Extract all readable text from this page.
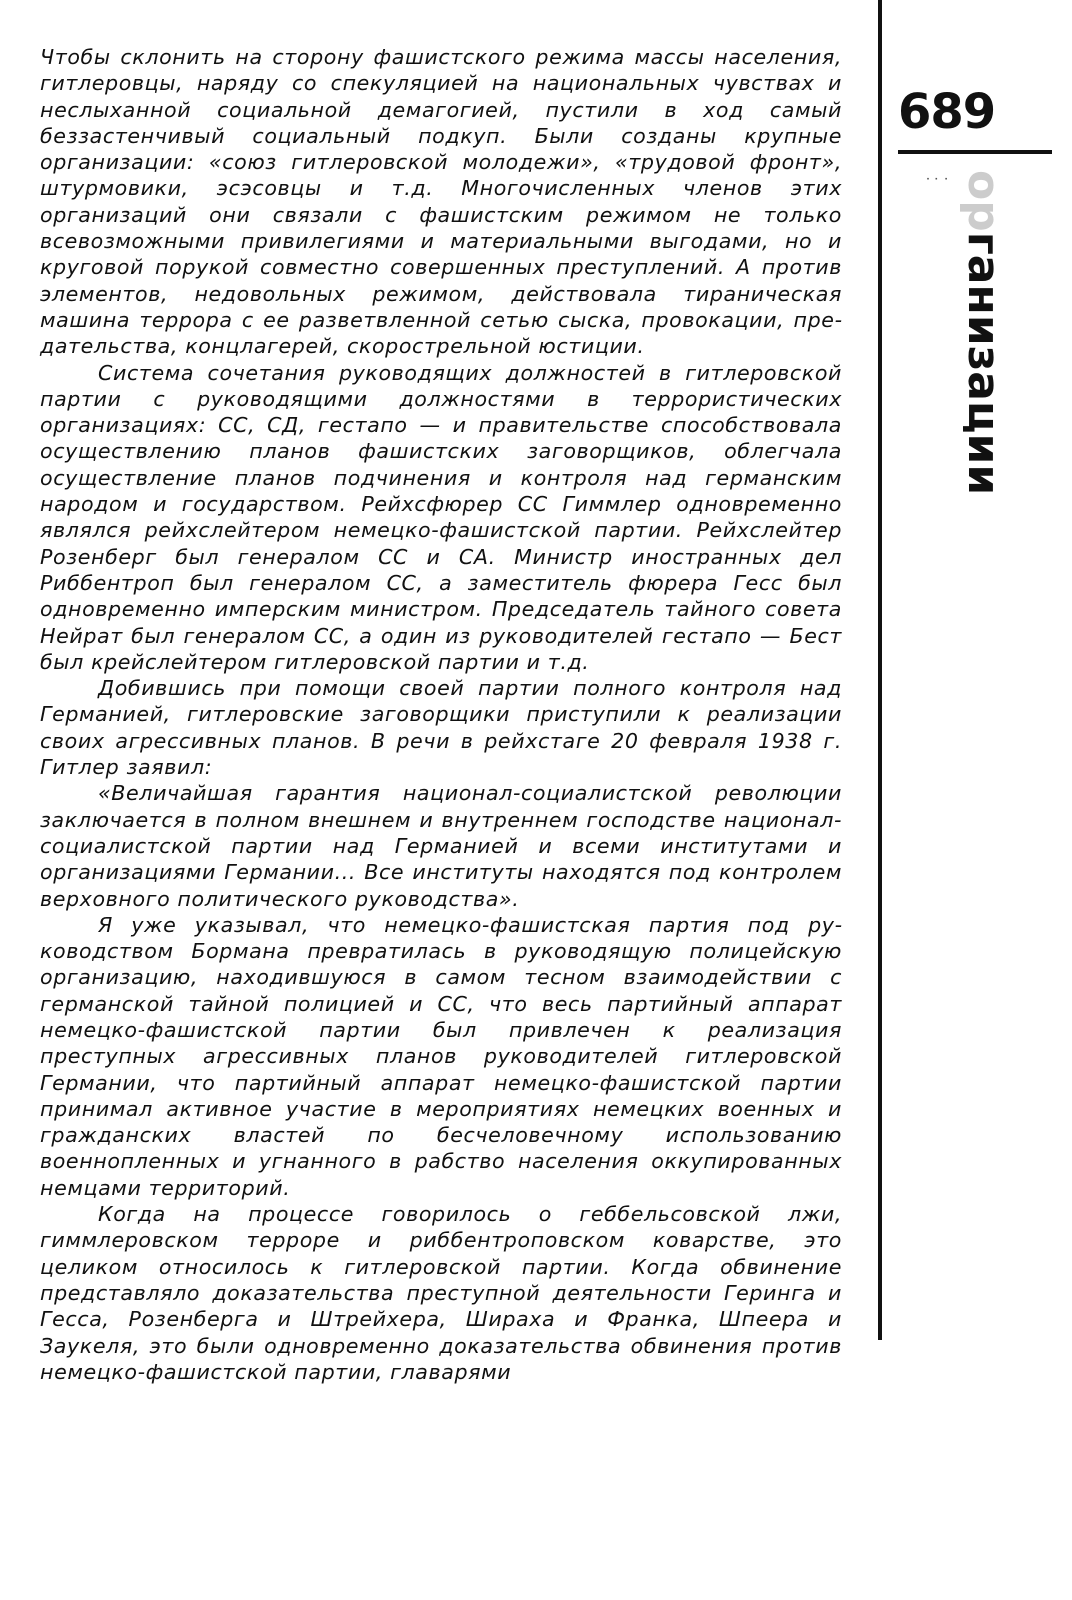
Чтобы склонить на сторону фашистского режима массы населения, гитлеровцы, наряду со спекуляцией на национальных чувствах и неслыханной социальной демагогией, пустили в ход самый беззастенчивый социальный подкуп. Были созданы крупные организации: «союз гитлеровской молодежи», «трудовой фронт», штурмовики, эсэсовцы и т.д. Многочисленных членов этих организаций они связали с фашистским режимом не только всевозможными привилегиями и материальными выгодами, но и круговой порукой совместно совершенных преступлений. А против элементов, недовольных режимом, действовала тираническая машина террора с ее разветвленной сетью сыска, провокации, предательства, концлагерей, скорострельной юстиции.

Система сочетания руководящих должностей в гитлеровской партии с руководящими должностями в террористических организациях: СС, СД, гестапо — и правительстве способствовала осуществлению планов фашистских заговорщиков, облегчала осуществление планов подчинения и контроля над германским народом и государством. Рейхсфюрер СС Гиммлер одновременно являлся рейхслейтером немецко-фашистской партии. Рейхслейтер Розенберг был генералом СС и СА. Министр иностранных дел Риббентроп был генералом СС, а заместитель фюрера Гесс был одновременно имперским министром. Председатель тайного совета Нейрат был генералом СС, а один из руководителей гестапо — Бест был крейслейтером гитлеровской партии и т.д.

Добившись при помощи своей партии полного контроля над Германией, гитлеровские заговорщики приступили к реализации своих агрессивных планов. В речи в рейхстаге 20 февраля 1938 г. Гитлер заявил:

«Величайшая гарантия национал-социалистской революции заключается в полном внешнем и внутреннем господстве национал-социалистской партии над Германией и всеми институтами и организациями Германии... Все институты находятся под контролем верховного политического руководства».

Я уже указывал, что немецко-фашистская партия под руководством Бормана превратилась в руководящую полицейскую организацию, находившуюся в самом тесном взаимодействии с германской тайной полицией и СС, что весь партийный аппарат немецко-фашистской партии был привлечен к реализация преступных агрессивных планов руководителей гитлеровской Германии, что партийный аппарат немецко-фашистской партии принимал активное участие в мероприятиях немецких военных и гражданских властей по бесчеловечному использованию военнопленных и угнанного в рабство населения оккупированных немцами территорий.

Когда на процессе говорилось о геббельсовской лжи, гиммлеровском терроре и риббентроповском коварстве, это целиком относилось к гитлеровской партии. Когда обвинение представляло доказательства преступной деятельности Геринга и Гесса, Розенберга и Штрейхера, Шираха и Франка, Шпеера и Заукеля, это были одновременно доказательства обвинения против немецко-фашистской партии, главарями

689
˙ ͘ ˙ организации
